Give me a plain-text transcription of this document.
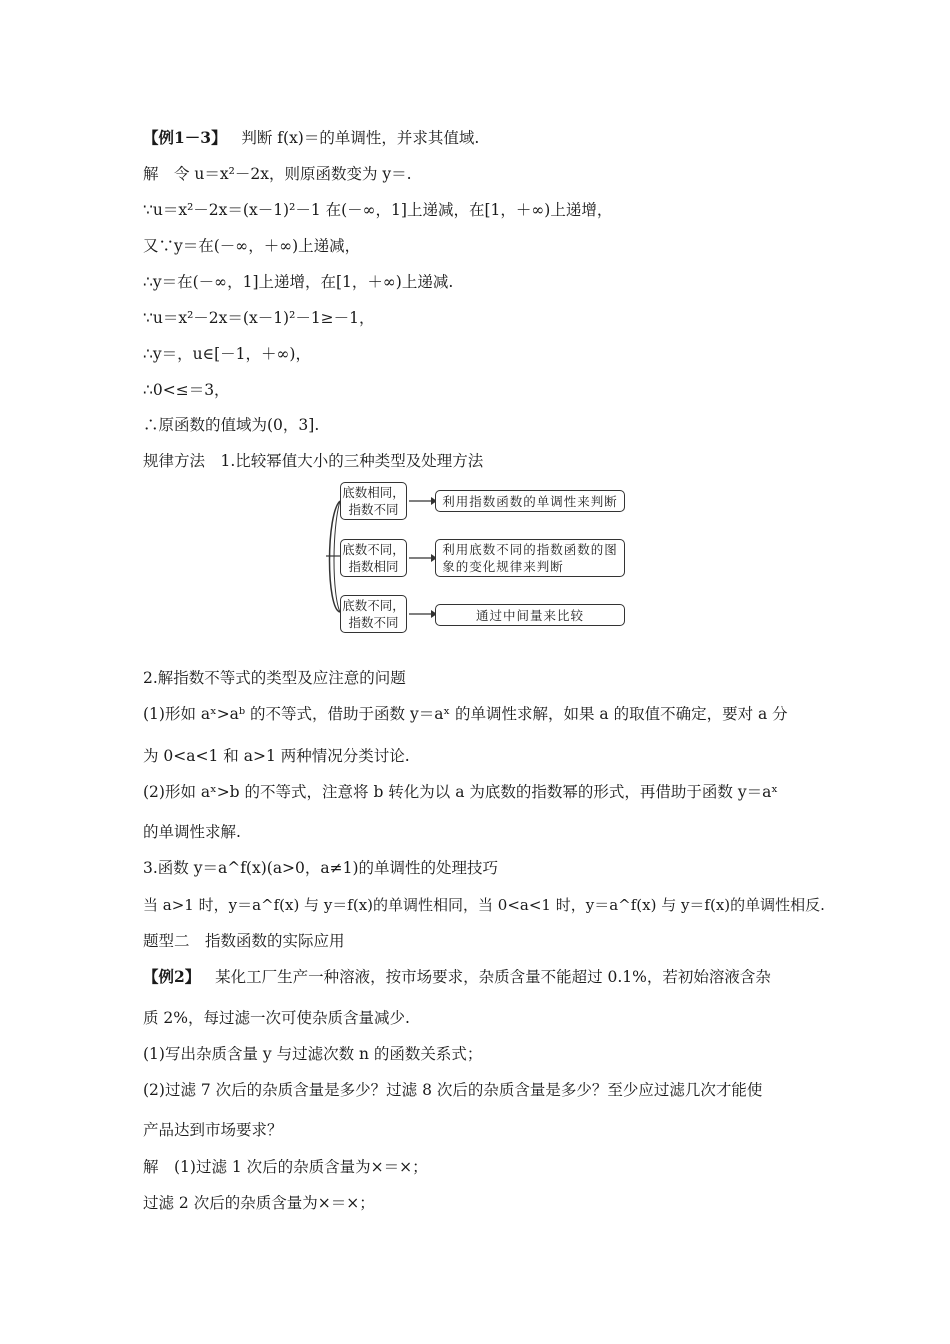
【例1－3】 判断 f(x)＝的单调性，并求其值域.
解　令 u＝x²－2x，则原函数变为 y＝.
∵u＝x²－2x＝(x－1)²－1 在(－∞，1]上递减，在[1，＋∞)上递增，
又∵y＝在(－∞，＋∞)上递减，
∴y＝在(－∞，1]上递增，在[1，＋∞)上递减.
∵u＝x²－2x＝(x－1)²－1≥－1，
∴y＝，u∈[－1，＋∞)，
∴0<≤＝3，
∴原函数的值域为(0，3].
规律方法　1.比较幂值大小的三种类型及处理方法
底数相同，
指数不同
利用指数函数的单调性来判断
底数不同，
指数相同
利用底数不同的指数函数的图
象的变化规律来判断
底数不同，
指数不同	通过中间量来比较
2.解指数不等式的类型及应注意的问题
(1)形如 aˣ>aᵇ 的不等式，借助于函数 y＝aˣ 的单调性求解，如果 a 的取值不确定，要对 a 分
为 0<a<1 和 a>1 两种情况分类讨论.
(2)形如 aˣ>b 的不等式，注意将 b 转化为以 a 为底数的指数幂的形式，再借助于函数 y＝aˣ
的单调性求解.
3.函数 y＝a^f(x)(a>0，a≠1)的单调性的处理技巧
当 a>1 时，y＝a^f(x) 与 y＝f(x)的单调性相同，当 0<a<1 时，y＝a^f(x) 与 y＝f(x)的单调性相反.
题型二　指数函数的实际应用
【例2】 某化工厂生产一种溶液，按市场要求，杂质含量不能超过 0.1%，若初始溶液含杂
质 2%，每过滤一次可使杂质含量减少.
(1)写出杂质含量 y 与过滤次数 n 的函数关系式；
(2)过滤 7 次后的杂质含量是多少？过滤 8 次后的杂质含量是多少？至少应过滤几次才能使
产品达到市场要求？
解　(1)过滤 1 次后的杂质含量为×＝×；
过滤 2 次后的杂质含量为×＝×；
